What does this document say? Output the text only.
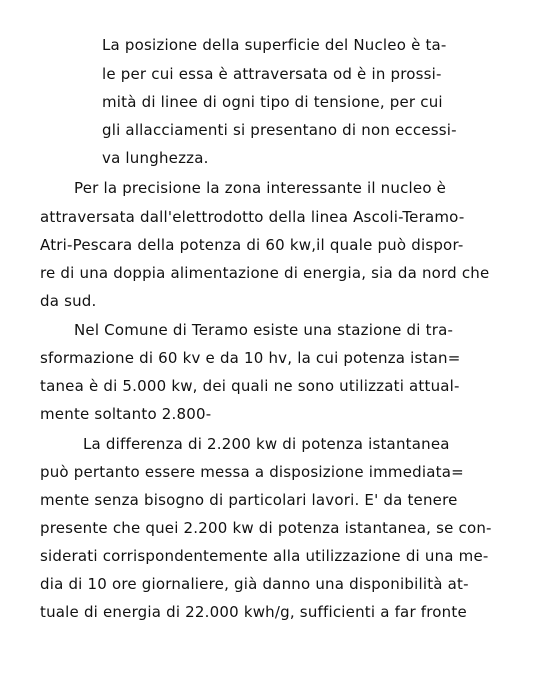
La posizione della superficie del Nucleo è ta-
le per cui essa è attraversata od è in prossi-
mità di linee di ogni tipo di tensione, per cui
gli allacciamenti si presentano di non eccessi-
va lunghezza.
Per la precisione la zona interessante il nucleo è
attraversata dall'elettrodotto della linea Ascoli-Teramo-
Atri-Pescara della potenza di 60 kw,il quale può dispor-
re di una doppia alimentazione di energia, sia da nord che
da sud.
Nel Comune di Teramo esiste una stazione di tra-
sformazione di 60 kv e da 10 hv, la cui potenza istan=
tanea è di 5.000 kw, dei quali ne sono utilizzati attual-
mente soltanto 2.800-
La differenza di 2.200 kw di potenza istantanea
può pertanto essere messa a disposizione immediata=
mente senza bisogno di particolari lavori. E' da tenere
presente che quei 2.200 kw di potenza istantanea, se con-
siderati corrispondentemente alla utilizzazione di una me-
dia di 10 ore giornaliere, già danno una disponibilità at-
tuale di energia di 22.000 kwh/g, sufficienti a far fronte
